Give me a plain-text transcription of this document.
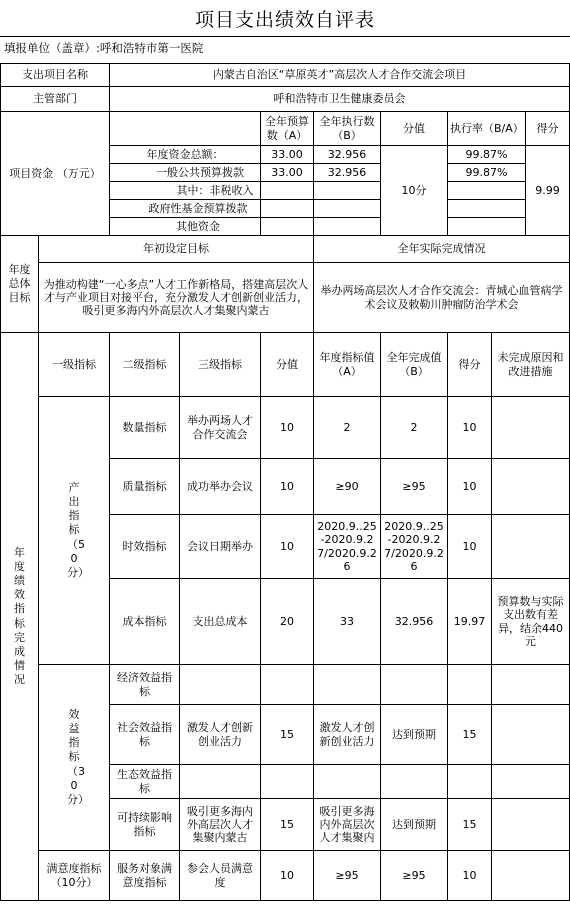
项目支出绩效自评表
填报单位（盖章）:呼和浩特市第一医院
支出项目名称		内蒙古自治区“草原英才”高层次人才合作交流会项目							
主管部门		呼和浩特市卫生健康委员会							
项目资金 （万元）				全年预算数（A）	全年执行数（B）	分值	执行率（B/A）		得分
		年度资金总额：		33.00	32.956	10分	99.87%		9.99
		一般公共预算拨款		33.00	32.956		99.87%		
		其中：非税收入							
		政府性基金预算拨款							
		其他资金							
年度总体目标	年初设定目标				全年实际完成情况				
	为推动构建“一心多点”人才工作新格局，搭建高层次人才与产业项目对接平台，充分激发人才创新创业活力，吸引更多海内外高层次人才集聚内蒙古				举办两场高层次人才合作交流会：青城心血管病学术会议及敕勒川肿瘤防治学术会				
年度绩效指标完成情况	一级指标	二级指标	三级指标	分值	年度指标值（A）	全年完成值（B）	得分	未完成原因和改进措施	
	产出指标（50分）	数量指标	举办两场人才合作交流会	10	2	2	10		
		质量指标	成功举办会议	10	≥90	≥95	10		
		时效指标	会议日期举办	10	2020.9..25-2020.9.27/2020.9.26	2020.9..25-2020.9.27/2020.9.26	10		
		成本指标	支出总成本	20	33	32.956	19.97	预算数与实际支出数有差异，结余440元	
	效益指标（30分）	经济效益指标							
		社会效益指标	激发人才创新创业活力	15	激发人才创新创业活力	达到预期	15		
		生态效益指标							
		可持续影响指标	吸引更多海内外高层次人才集聚内蒙古	15	吸引更多海内外高层次人才集聚内	达到预期	15		
	满意度指标（10分）	服务对象满意度指标	参会人员满意度	10	≥95	≥95	10		
